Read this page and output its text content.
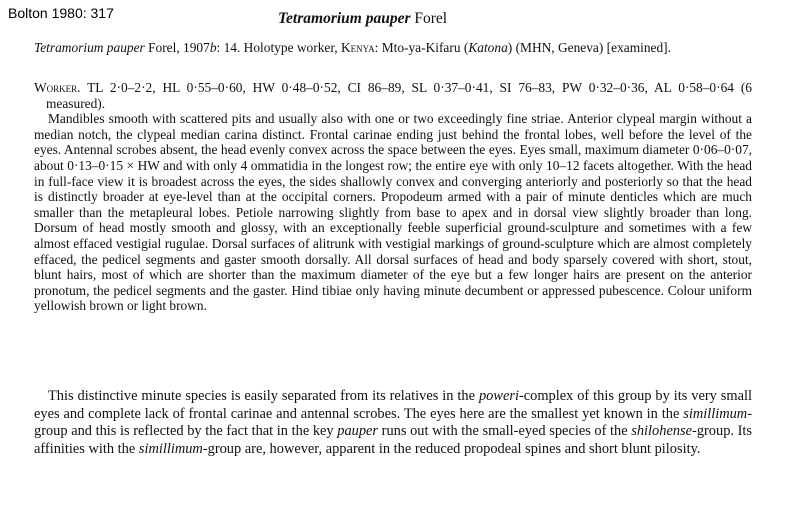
Bolton 1980: 317	Tetramorium pauper Forel
Tetramorium pauper Forel, 1907b: 14. Holotype worker, Kenya: Mto-ya-Kifaru (Katona) (MHN, Geneva) [examined].

Worker. TL 2·0–2·2, HL 0·55–0·60, HW 0·48–0·52, CI 86–89, SL 0·37–0·41, SI 76–83, PW 0·32–0·36, AL 0·58–0·64 (6 measured).

Mandibles smooth with scattered pits and usually also with one or two exceedingly fine striae. Anterior clypeal margin without a median notch, the clypeal median carina distinct. Frontal carinae ending just behind the frontal lobes, well before the level of the eyes. Antennal scrobes absent, the head evenly convex across the space between the eyes. Eyes small, maximum diameter 0·06–0·07, about 0·13–0·15 × HW and with only 4 ommatidia in the longest row; the entire eye with only 10–12 facets altogether. With the head in full-face view it is broadest across the eyes, the sides shallowly convex and converging anteriorly and posteriorly so that the head is distinctly broader at eye-level than at the occipital corners. Propodeum armed with a pair of minute denticles which are much smaller than the metapleural lobes. Petiole narrowing slightly from base to apex and in dorsal view slightly broader than long. Dorsum of head mostly smooth and glossy, with an exceptionally feeble superficial ground-sculpture and sometimes with a few almost effaced vestigial rugulae. Dorsal surfaces of alitrunk with vestigial markings of ground-sculpture which are almost completely effaced, the pedicel segments and gaster smooth dorsally. All dorsal surfaces of head and body sparsely covered with short, stout, blunt hairs, most of which are shorter than the maximum diameter of the eye but a few longer hairs are present on the anterior pronotum, the pedicel segments and the gaster. Hind tibiae only having minute decumbent or appressed pubescence. Colour uniform yellowish brown or light brown.

This distinctive minute species is easily separated from its relatives in the poweri-complex of this group by its very small eyes and complete lack of frontal carinae and antennal scrobes. The eyes here are the smallest yet known in the simillimum-group and this is reflected by the fact that in the key pauper runs out with the small-eyed species of the shilohense-group. Its affinities with the simillimum-group are, however, apparent in the reduced propodeal spines and short blunt pilosity.
